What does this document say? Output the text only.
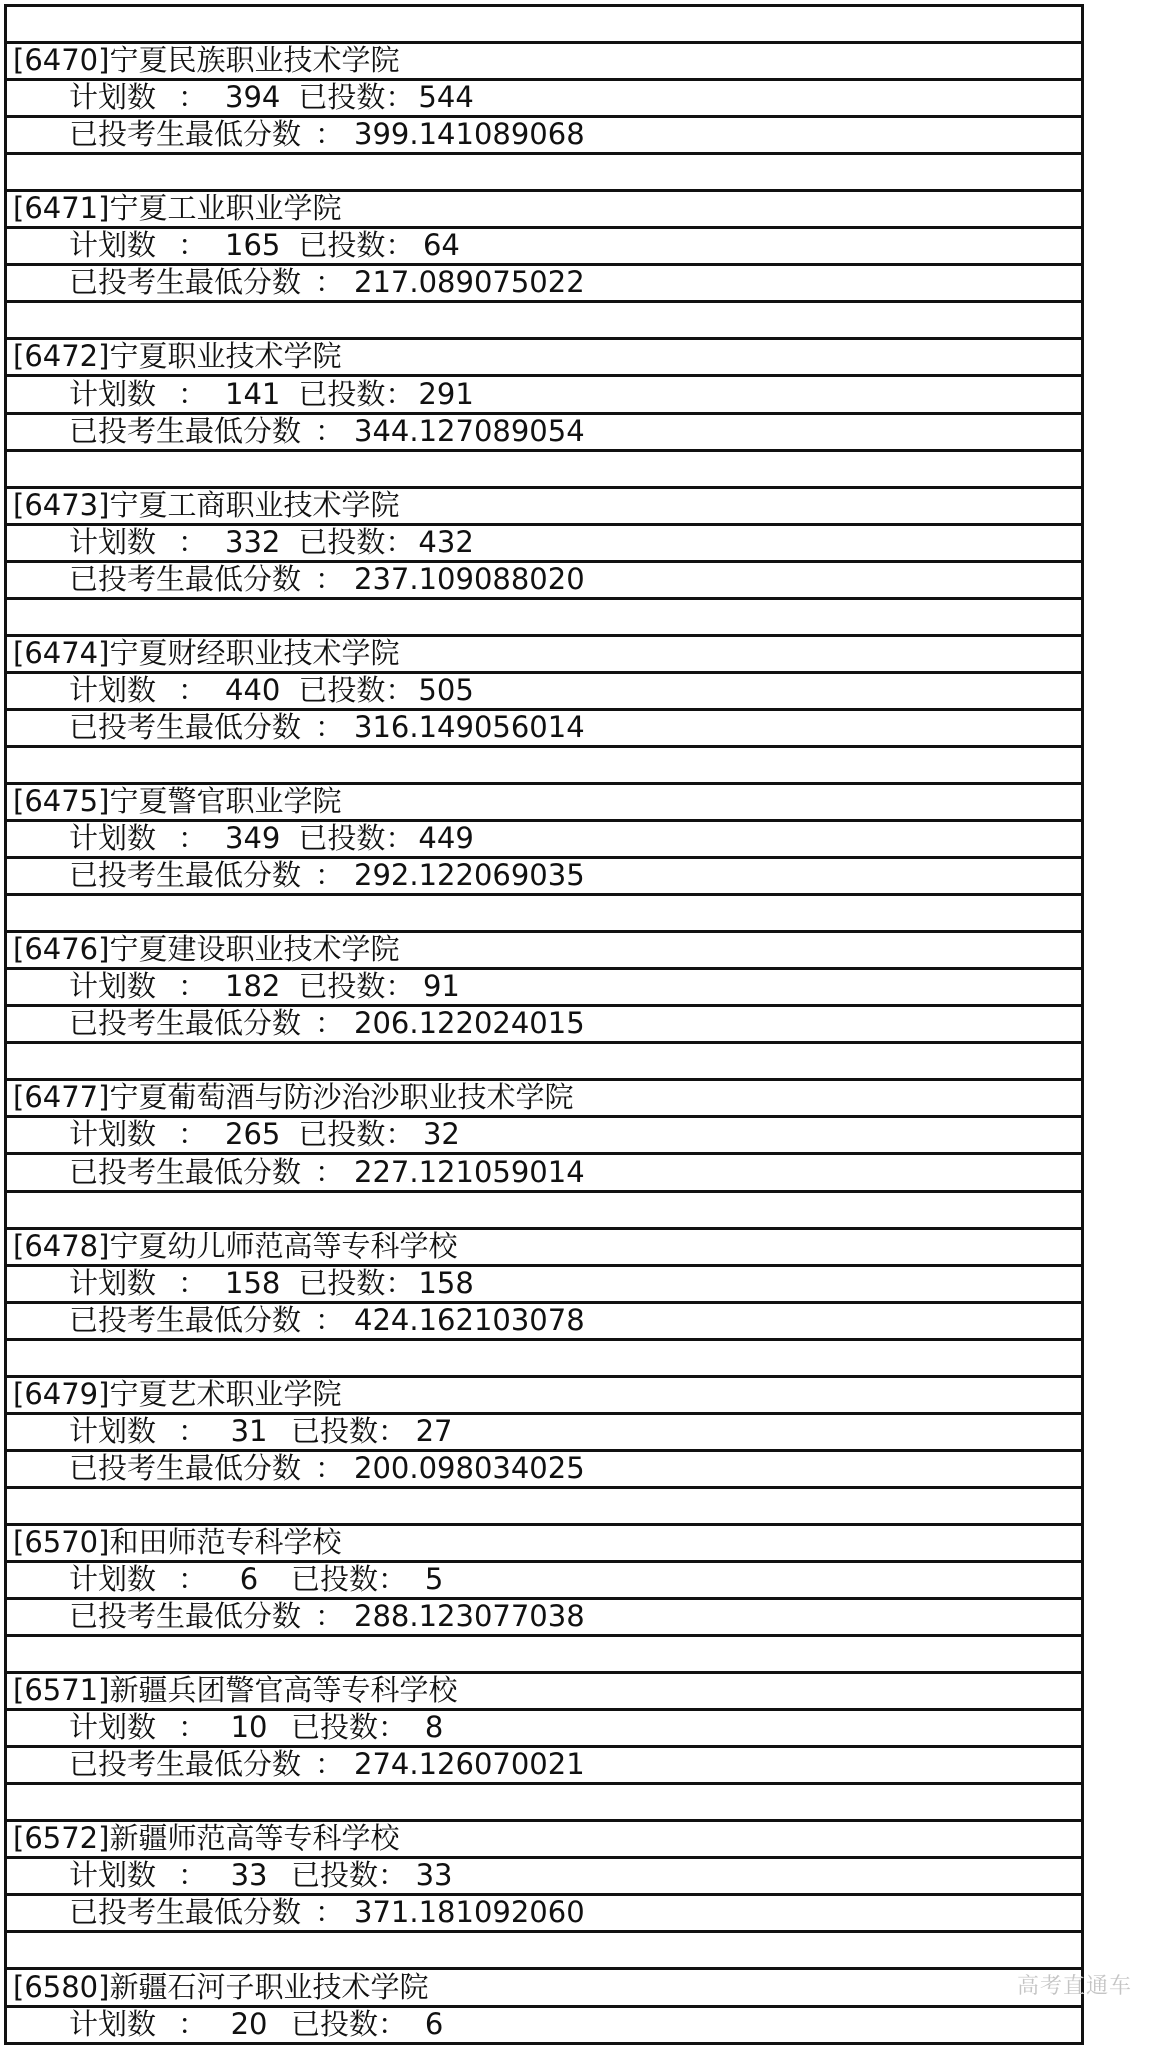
[6470]宁夏民族职业技术学院
计划数 ： 394 已投数： 544
已投考生最低分数 ： 399.141089068
[6471]宁夏工业职业学院
计划数 ： 165 已投数： 64
已投考生最低分数 ： 217.089075022
[6472]宁夏职业技术学院
计划数 ： 141 已投数： 291
已投考生最低分数 ： 344.127089054
[6473]宁夏工商职业技术学院
计划数 ： 332 已投数： 432
已投考生最低分数 ： 237.109088020
[6474]宁夏财经职业技术学院
计划数 ： 440 已投数： 505
已投考生最低分数 ： 316.149056014
[6475]宁夏警官职业学院
计划数 ： 349 已投数： 449
已投考生最低分数 ： 292.122069035
[6476]宁夏建设职业技术学院
计划数 ： 182 已投数： 91
已投考生最低分数 ： 206.122024015
[6477]宁夏葡萄酒与防沙治沙职业技术学院
计划数 ： 265 已投数： 32
已投考生最低分数 ： 227.121059014
[6478]宁夏幼儿师范高等专科学校
计划数 ： 158 已投数： 158
已投考生最低分数 ： 424.162103078
[6479]宁夏艺术职业学院
计划数 ： 31 已投数： 27
已投考生最低分数 ： 200.098034025
[6570]和田师范专科学校
计划数 ： 6 已投数： 5
已投考生最低分数 ： 288.123077038
[6571]新疆兵团警官高等专科学校
计划数 ： 10 已投数： 8
已投考生最低分数 ： 274.126070021
[6572]新疆师范高等专科学校
计划数 ： 33 已投数： 33
已投考生最低分数 ： 371.181092060
[6580]新疆石河子职业技术学院
计划数 ： 20 已投数： 6
高考直通车
